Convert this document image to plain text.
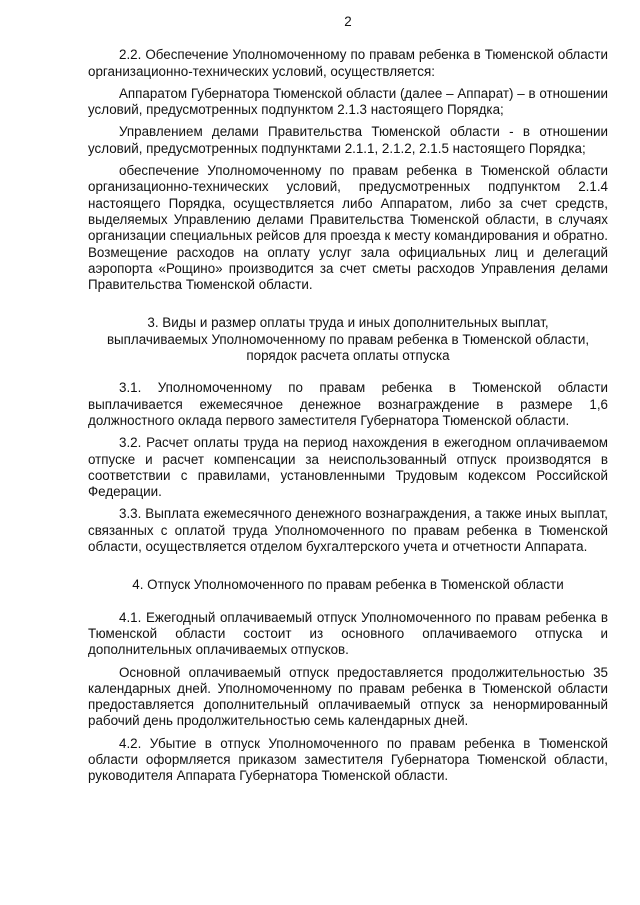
2

2.2. Обеспечение Уполномоченному по правам ребенка в Тюменской области организационно-технических условий, осуществляется:

Аппаратом Губернатора Тюменской области (далее – Аппарат) – в отношении условий, предусмотренных подпунктом 2.1.3 настоящего Порядка;

Управлением делами Правительства Тюменской области - в отношении условий, предусмотренных подпунктами 2.1.1, 2.1.2, 2.1.5 настоящего Порядка;

обеспечение Уполномоченному по правам ребенка в Тюменской области организационно-технических условий, предусмотренных подпунктом 2.1.4 настоящего Порядка, осуществляется либо Аппаратом, либо за счет средств, выделяемых Управлению делами Правительства Тюменской области, в случаях организации специальных рейсов для проезда к месту командирования и обратно. Возмещение расходов на оплату услуг зала официальных лиц и делегаций аэропорта «Рощино» производится за счет сметы расходов Управления делами Правительства Тюменской области.

3. Виды и размер оплаты труда и иных дополнительных выплат,
выплачиваемых Уполномоченному по правам ребенка в Тюменской области,
порядок расчета оплаты отпуска

3.1. Уполномоченному по правам ребенка в Тюменской области выплачивается ежемесячное денежное вознаграждение в размере 1,6 должностного оклада первого заместителя Губернатора Тюменской области.

3.2. Расчет оплаты труда на период нахождения в ежегодном оплачиваемом отпуске и расчет компенсации за неиспользованный отпуск производятся в соответствии с правилами, установленными Трудовым кодексом Российской Федерации.

3.3. Выплата ежемесячного денежного вознаграждения, а также иных выплат, связанных с оплатой труда Уполномоченного по правам ребенка в Тюменской области, осуществляется отделом бухгалтерского учета и отчетности Аппарата.

4. Отпуск Уполномоченного по правам ребенка в Тюменской области

4.1. Ежегодный оплачиваемый отпуск Уполномоченного по правам ребенка в Тюменской области состоит из основного оплачиваемого отпуска и дополнительных оплачиваемых отпусков.

Основной оплачиваемый отпуск предоставляется продолжительностью 35 календарных дней. Уполномоченному по правам ребенка в Тюменской области предоставляется дополнительный оплачиваемый отпуск за ненормированный рабочий день продолжительностью семь календарных дней.

4.2. Убытие в отпуск Уполномоченного по правам ребенка в Тюменской области оформляется приказом заместителя Губернатора Тюменской области, руководителя Аппарата Губернатора Тюменской области.
